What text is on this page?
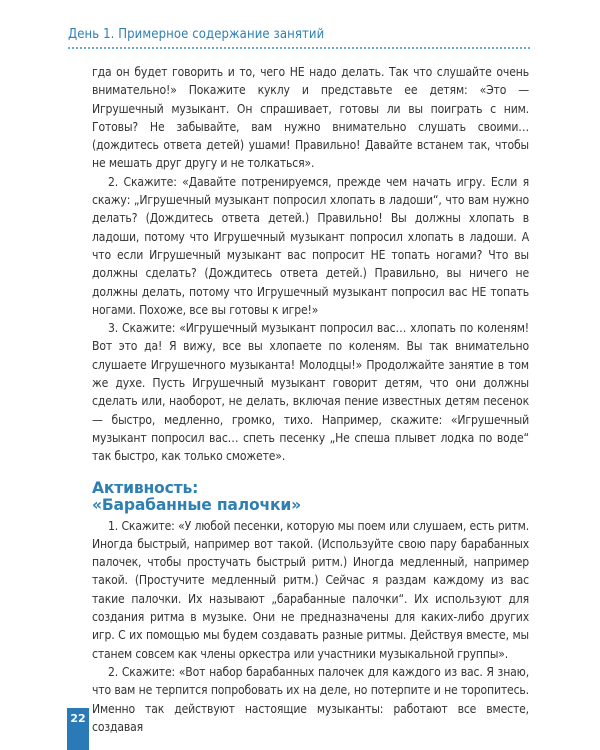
День 1. Примерное содержание занятий

гда он будет говорить и то, чего НЕ надо делать. Так что слушайте очень внимательно!» Покажите куклу и представьте ее детям: «Это — Игрушечный музыкант. Он спрашивает, готовы ли вы поиграть с ним. Готовы? Не забывайте, вам нужно внимательно слушать своими… (дождитесь ответа детей) ушами! Правильно! Давайте встанем так, чтобы не мешать друг другу и не толкаться».

2. Скажите: «Давайте потренируемся, прежде чем начать игру. Если я скажу: „Игрушечный музыкант попросил хлопать в ладоши“, что вам нужно делать? (Дождитесь ответа детей.) Правильно! Вы должны хлопать в ладоши, потому что Игрушечный музыкант попросил хлопать в ладоши. А что если Игрушечный музыкант вас попросит НЕ топать ногами? Что вы должны сделать? (Дождитесь ответа детей.) Правильно, вы ничего не должны делать, потому что Игрушечный музыкант попросил вас НЕ топать ногами. Похоже, все вы готовы к игре!»

3. Скажите: «Игрушечный музыкант попросил вас… хлопать по коленям! Вот это да! Я вижу, все вы хлопаете по коленям. Вы так внимательно слушаете Игрушечного музыканта! Молодцы!» Продолжайте занятие в том же духе. Пусть Игрушечный музыкант говорит детям, что они должны сделать или, наоборот, не делать, включая пение известных детям песенок — быстро, медленно, громко, тихо. Например, скажите: «Игрушечный музыкант попросил вас… спеть песенку „Не спеша плывет лодка по воде“ так быстро, как только сможете».

Активность:
«Барабанные палочки»

1. Скажите: «У любой песенки, которую мы поем или слушаем, есть ритм. Иногда быстрый, например вот такой. (Используйте свою пару барабанных палочек, чтобы простучать быстрый ритм.) Иногда медленный, например такой. (Простучите медленный ритм.) Сейчас я раздам каждому из вас такие палочки. Их называют „барабанные палочки“. Их используют для создания ритма в музыке. Они не предназначены для каких-либо других игр. С их помощью мы будем создавать разные ритмы. Действуя вместе, мы станем совсем как члены оркестра или участники музыкальной группы».

2. Скажите: «Вот набор барабанных палочек для каждого из вас. Я знаю, что вам не терпится попробовать их на деле, но потерпите и не торопитесь. Именно так действуют настоящие музыканты: работают все вместе, создавая

22
